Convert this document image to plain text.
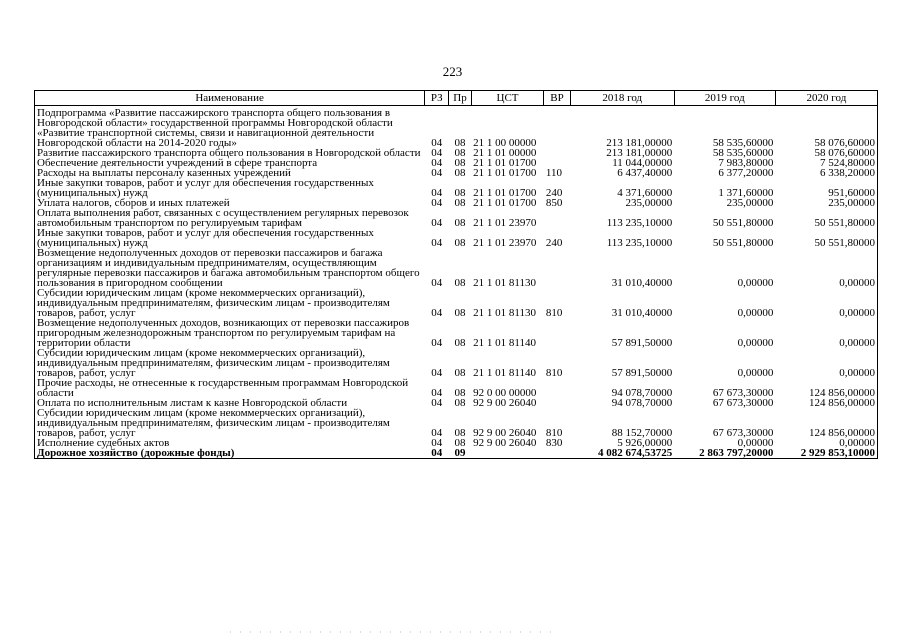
223
Наименование	РЗ	Пр	ЦСТ	ВР	2018 год	2019 год	2020 год
Подпрограмма «Развитие пассажирского транспорта общего пользования в Новгородской области» государственной программы Новгородской области «Развитие транспортной системы, связи и навигационной деятельности Новгородской области на 2014-2020 годы»	04	08	21 1 00 00000		213 181,00000	58 535,60000	58 076,60000
Развитие пассажирского транспорта общего пользования в Новгородской области	04	08	21 1 01 00000		213 181,00000	58 535,60000	58 076,60000
Обеспечение деятельности учреждений в сфере транспорта	04	08	21 1 01 01700		11 044,00000	7 983,80000	7 524,80000
Расходы на выплаты персоналу казенных учреждений	04	08	21 1 01 01700	110	6 437,40000	6 377,20000	6 338,20000
Иные закупки товаров, работ и услуг для обеспечения государственных (муниципальных) нужд	04	08	21 1 01 01700	240	4 371,60000	1 371,60000	951,60000
Уплата налогов, сборов и иных платежей	04	08	21 1 01 01700	850	235,00000	235,00000	235,00000
Оплата выполнения работ, связанных с осуществлением регулярных перевозок автомобильным транспортом по регулируемым тарифам	04	08	21 1 01 23970		113 235,10000	50 551,80000	50 551,80000
Иные закупки товаров, работ и услуг для обеспечения государственных (муниципальных) нужд	04	08	21 1 01 23970	240	113 235,10000	50 551,80000	50 551,80000
Возмещение недополученных доходов от перевозки пассажиров и багажа организациям и индивидуальным предпринимателям, осуществляющим регулярные перевозки пассажиров и багажа автомобильным транспортом общего пользования в пригородном сообщении	04	08	21 1 01 81130		31 010,40000	0,00000	0,00000
Субсидии юридическим лицам (кроме некоммерческих организаций), индивидуальным предпринимателям, физическим лицам - производителям товаров, работ, услуг	04	08	21 1 01 81130	810	31 010,40000	0,00000	0,00000
Возмещение недополученных доходов, возникающих от перевозки пассажиров пригородным железнодорожным транспортом по регулируемым тарифам на территории области	04	08	21 1 01 81140		57 891,50000	0,00000	0,00000
Субсидии юридическим лицам (кроме некоммерческих организаций), индивидуальным предпринимателям, физическим лицам - производителям товаров, работ, услуг	04	08	21 1 01 81140	810	57 891,50000	0,00000	0,00000
Прочие расходы, не отнесенные к государственным программам Новгородской области	04	08	92 0 00 00000		94 078,70000	67 673,30000	124 856,00000
Оплата по исполнительным листам к казне Новгородской области	04	08	92 9 00 26040		94 078,70000	67 673,30000	124 856,00000
Субсидии юридическим лицам (кроме некоммерческих организаций), индивидуальным предпринимателям, физическим лицам - производителям товаров, работ, услуг	04	08	92 9 00 26040	810	88 152,70000	67 673,30000	124 856,00000
Исполнение судебных актов	04	08	92 9 00 26040	830	5 926,00000	0,00000	0,00000
Дорожное хозяйство (дорожные фонды)	04	09			4 082 674,53725	2 863 797,20000	2 929 853,10000
